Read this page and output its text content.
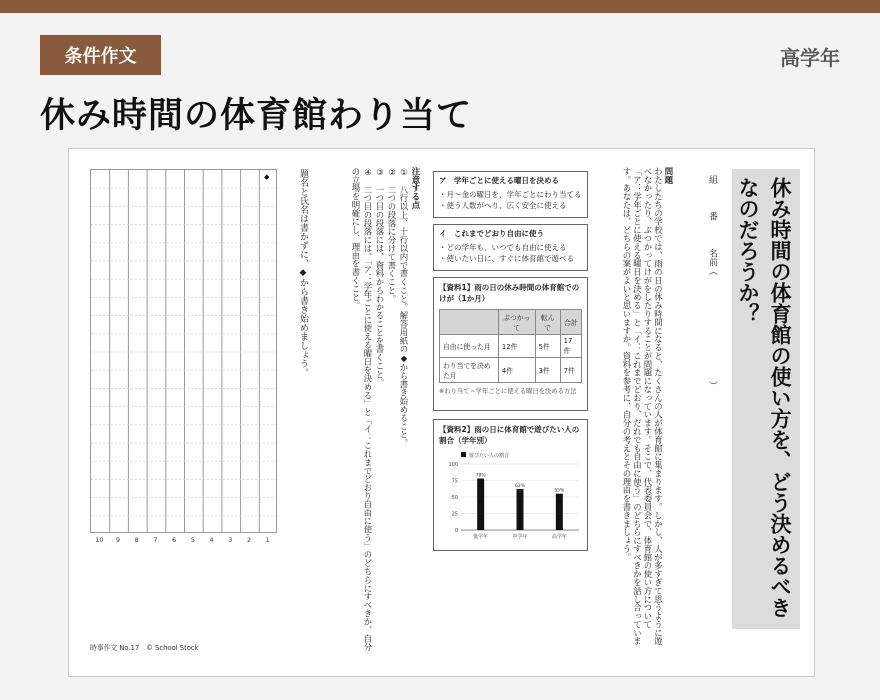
条件作文	高学年
休み時間の体育館わり当て
休み時間の体育館の使い方を、どう決めるべきなのだろうか？
組  番  名前（  ）
問題
わたしたちの学校では、雨の日の休み時間になると、たくさんの人が体育館に集まります。しかし、人が多すぎて思うように遊べなかったり、ぶつかってけがをしたりすることが問題になっています。そこで、代表委員会で、体育館の使い方について「ア：学年ごとに使える曜日を決める」と「イ：これまでどおり、だれでも自由に使う」のどちらにすべきかを話し合っています。あなたは、どちらの案がよいと思いますか。資料を参考に、自分の考えとその理由を書きましょう。
ア　学年ごとに使える曜日を決める
・月～金の曜日を、学年ごとにわり当てる
・使う人数がへり、広く安全に使える
イ　これまでどおり自由に使う
・どの学年も、いつでも自由に使える
・使いたい日に、すぐに体育館で遊べる
【資料1】雨の日の休み時間の体育館でのけが（1か月）
	ぶつかって	転んで	合計
自由に使った月	12件	5件	17件
わり当てを決めた月	4件	3件	7件
※わり当て＝学年ごとに使える曜日を決める方法
【資料2】雨の日に体育館で遊びたい人の割合（学年別）
遊びたい人の割合
100
75
50
25
0
78%
低学年
62%
中学年
55%
高学年
注意する点
①　八行以上、十行以内で書くこと。解答用紙の◆から書き始めること。
②　二つの段落に分けて書くこと。
③　一つ目の段落には、資料からわかることを書くこと。
④　二つ目の段落には、「ア：学年ごとに使える曜日を決める」と「イ：これまでどおり自由に使う」のどちらにすべきか、自分の立場を明確にし、理由を書くこと。
題名と氏名は書かずに、◆から書き始めましょう。
◆
1
2
3
4
5
6
7
8
9
10
時事作文 No.17　© School Stock
